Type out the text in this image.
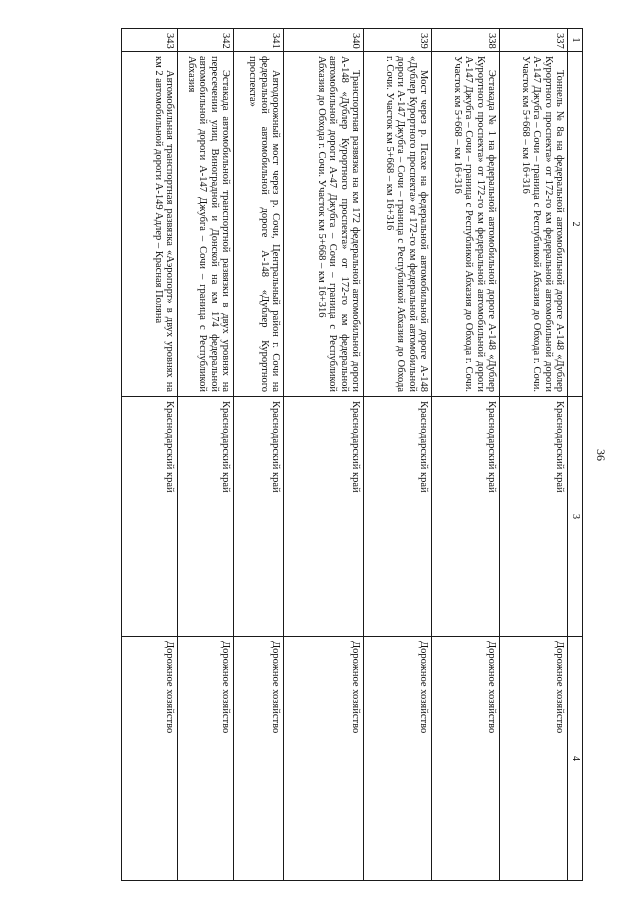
36
1	2	3	4
337	Тоннель № 8а на федеральной автомобильной дороге А-148 «Дублер Курортного проспекта» от 172-го км федеральной автомобильной дороги А-147 Джубга – Сочи – граница с Республикой Абхазия до Обхода г. Сочи. Участок км 5+668 – км 16+316	Краснодарский край	Дорожное хозяйство
338	Эстакада № 1 на федеральной автомобильной дороге А-148 «Дублер Курортного проспекта» от 172-го км федеральной автомобильной дороги А-147 Джубга – Сочи – граница с Республикой Абхазия до Обхода г. Сочи. Участок км 5+668 – км 16+316	Краснодарский край	Дорожное хозяйство
339	Мост через р. Псахе на федеральной автомобильной дороге А-148 «Дублер Курортного проспекта» от 172-го км федеральной автомобильной дороги А-147 Джубга – Сочи – граница с Республикой Абхазия до Обхода г. Сочи. Участок км 5+668 – км 16+316	Краснодарский край	Дорожное хозяйство
340	Транспортная развязка на км 172 федеральной автомобильной дороги А-148 «Дублер Курортного проспекта» от 172-го км федеральной автомобильной дороги А-47 Джубга – Сочи – граница с Республикой Абхазия до Обхода г. Сочи. Участок км 5+668 – км 16+316	Краснодарский край	Дорожное хозяйство
341	Автодорожный мост через р. Сочи, Центральный район г. Сочи на федеральной автомобильной дороге А-148 «Дублер Курортного проспекта»	Краснодарский край	Дорожное хозяйство
342	Эстакада автомобильной транспортной развязки в двух уровнях на пересечении улиц Виноградной и Донской на км 174 федеральной автомобильной дороги А-147 Джубга – Сочи – граница с Республикой Абхазия	Краснодарский край	Дорожное хозяйство
343	Автомобильная транспортная развязка «Аэропорт» в двух уровнях на км 2 автомобильной дороги А-149 Адлер – Красная Поляна	Краснодарский край	Дорожное хозяйство
